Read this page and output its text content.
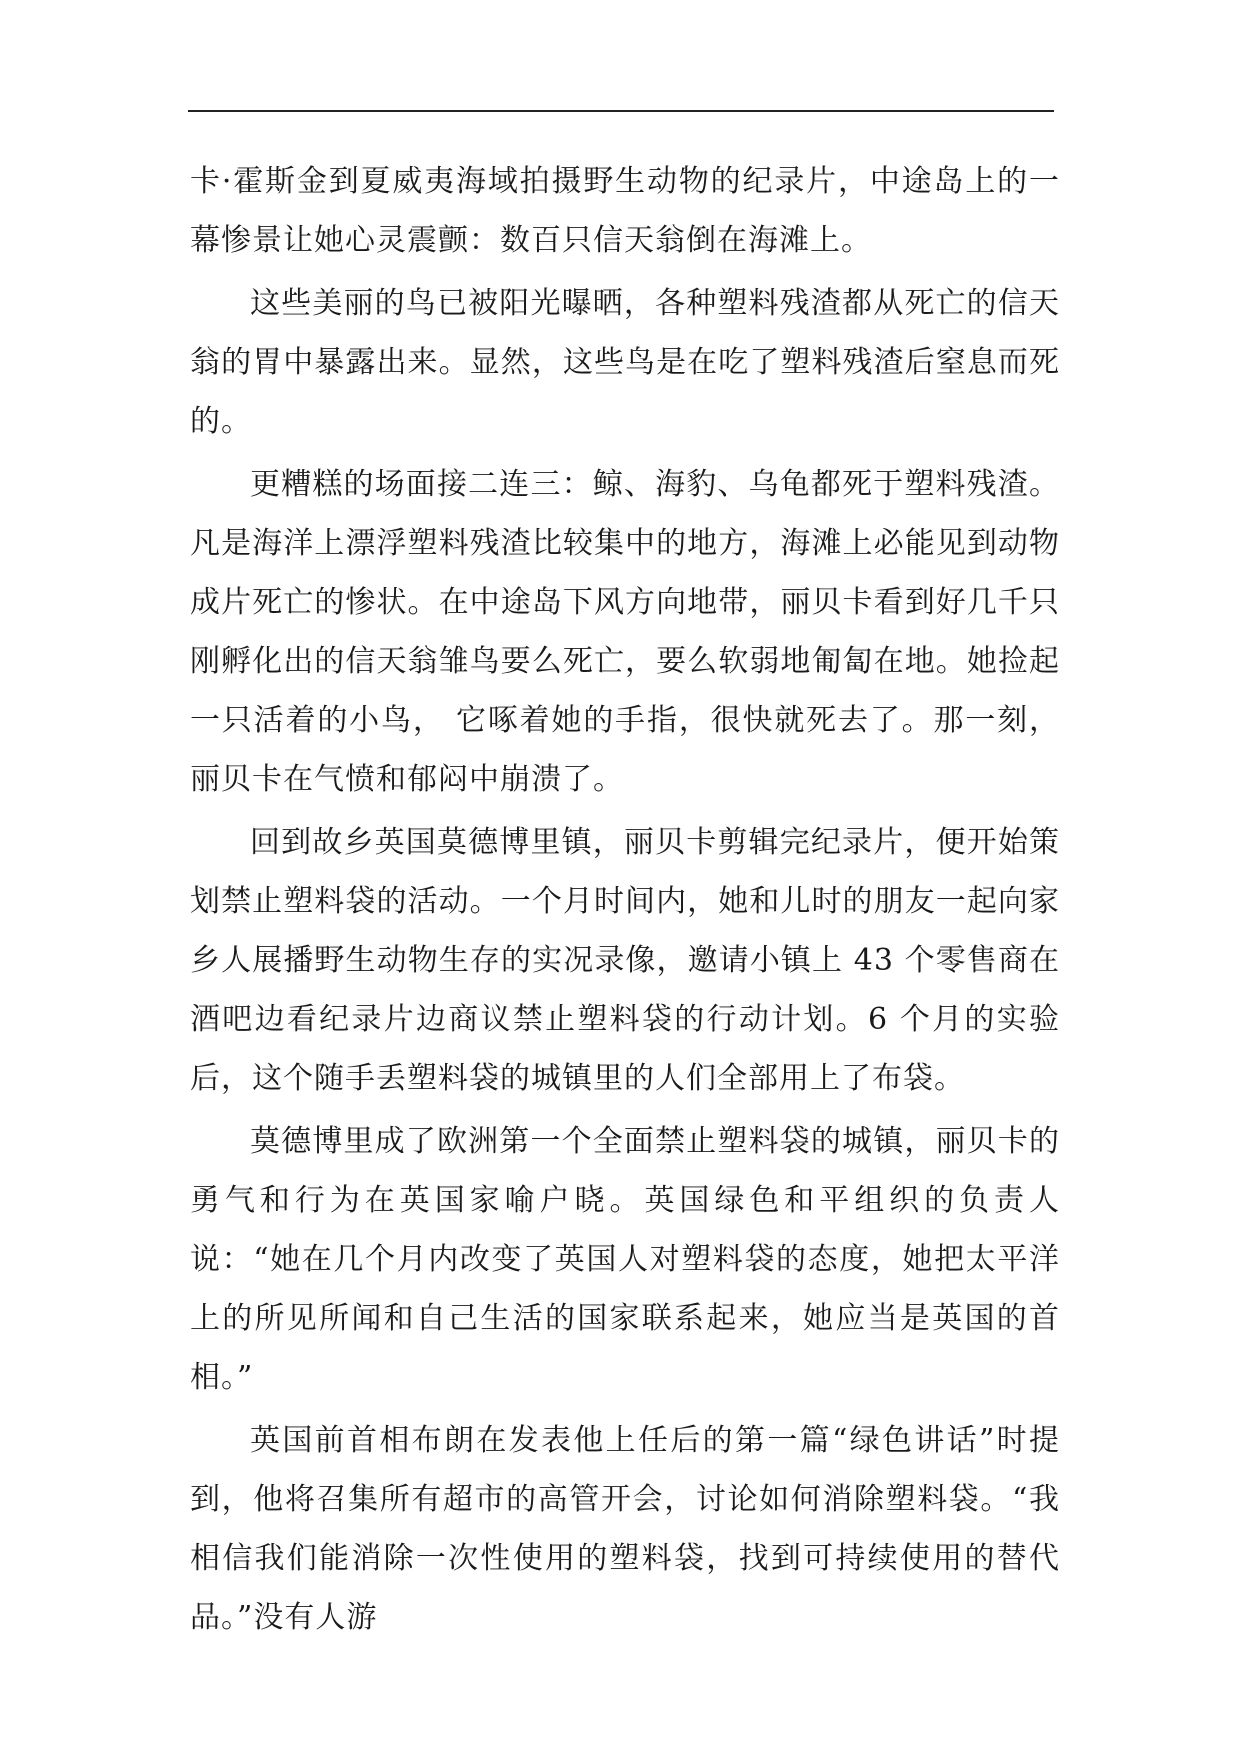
卡·霍斯金到夏威夷海域拍摄野生动物的纪录片，中途岛上的一幕惨景让她心灵震颤：数百只信天翁倒在海滩上。

这些美丽的鸟已被阳光曝晒，各种塑料残渣都从死亡的信天翁的胃中暴露出来。显然，这些鸟是在吃了塑料残渣后窒息而死的。

更糟糕的场面接二连三：鲸、海豹、乌龟都死于塑料残渣。凡是海洋上漂浮塑料残渣比较集中的地方，海滩上必能见到动物成片死亡的惨状。在中途岛下风方向地带，丽贝卡看到好几千只刚孵化出的信天翁雏鸟要么死亡，要么软弱地匍匐在地。她捡起一只活着的小鸟， 它啄着她的手指，很快就死去了。那一刻，丽贝卡在气愤和郁闷中崩溃了。

回到故乡英国莫德博里镇，丽贝卡剪辑完纪录片，便开始策划禁止塑料袋的活动。一个月时间内，她和儿时的朋友一起向家乡人展播野生动物生存的实况录像，邀请小镇上 43 个零售商在酒吧边看纪录片边商议禁止塑料袋的行动计划。6 个月的实验后，这个随手丢塑料袋的城镇里的人们全部用上了布袋。

莫德博里成了欧洲第一个全面禁止塑料袋的城镇，丽贝卡的勇气和行为在英国家喻户晓。英国绿色和平组织的负责人说：“她在几个月内改变了英国人对塑料袋的态度，她把太平洋上的所见所闻和自己生活的国家联系起来，她应当是英国的首相。”

英国前首相布朗在发表他上任后的第一篇“绿色讲话”时提到，他将召集所有超市的高管开会，讨论如何消除塑料袋。“我相信我们能消除一次性使用的塑料袋，找到可持续使用的替代品。”没有人游
